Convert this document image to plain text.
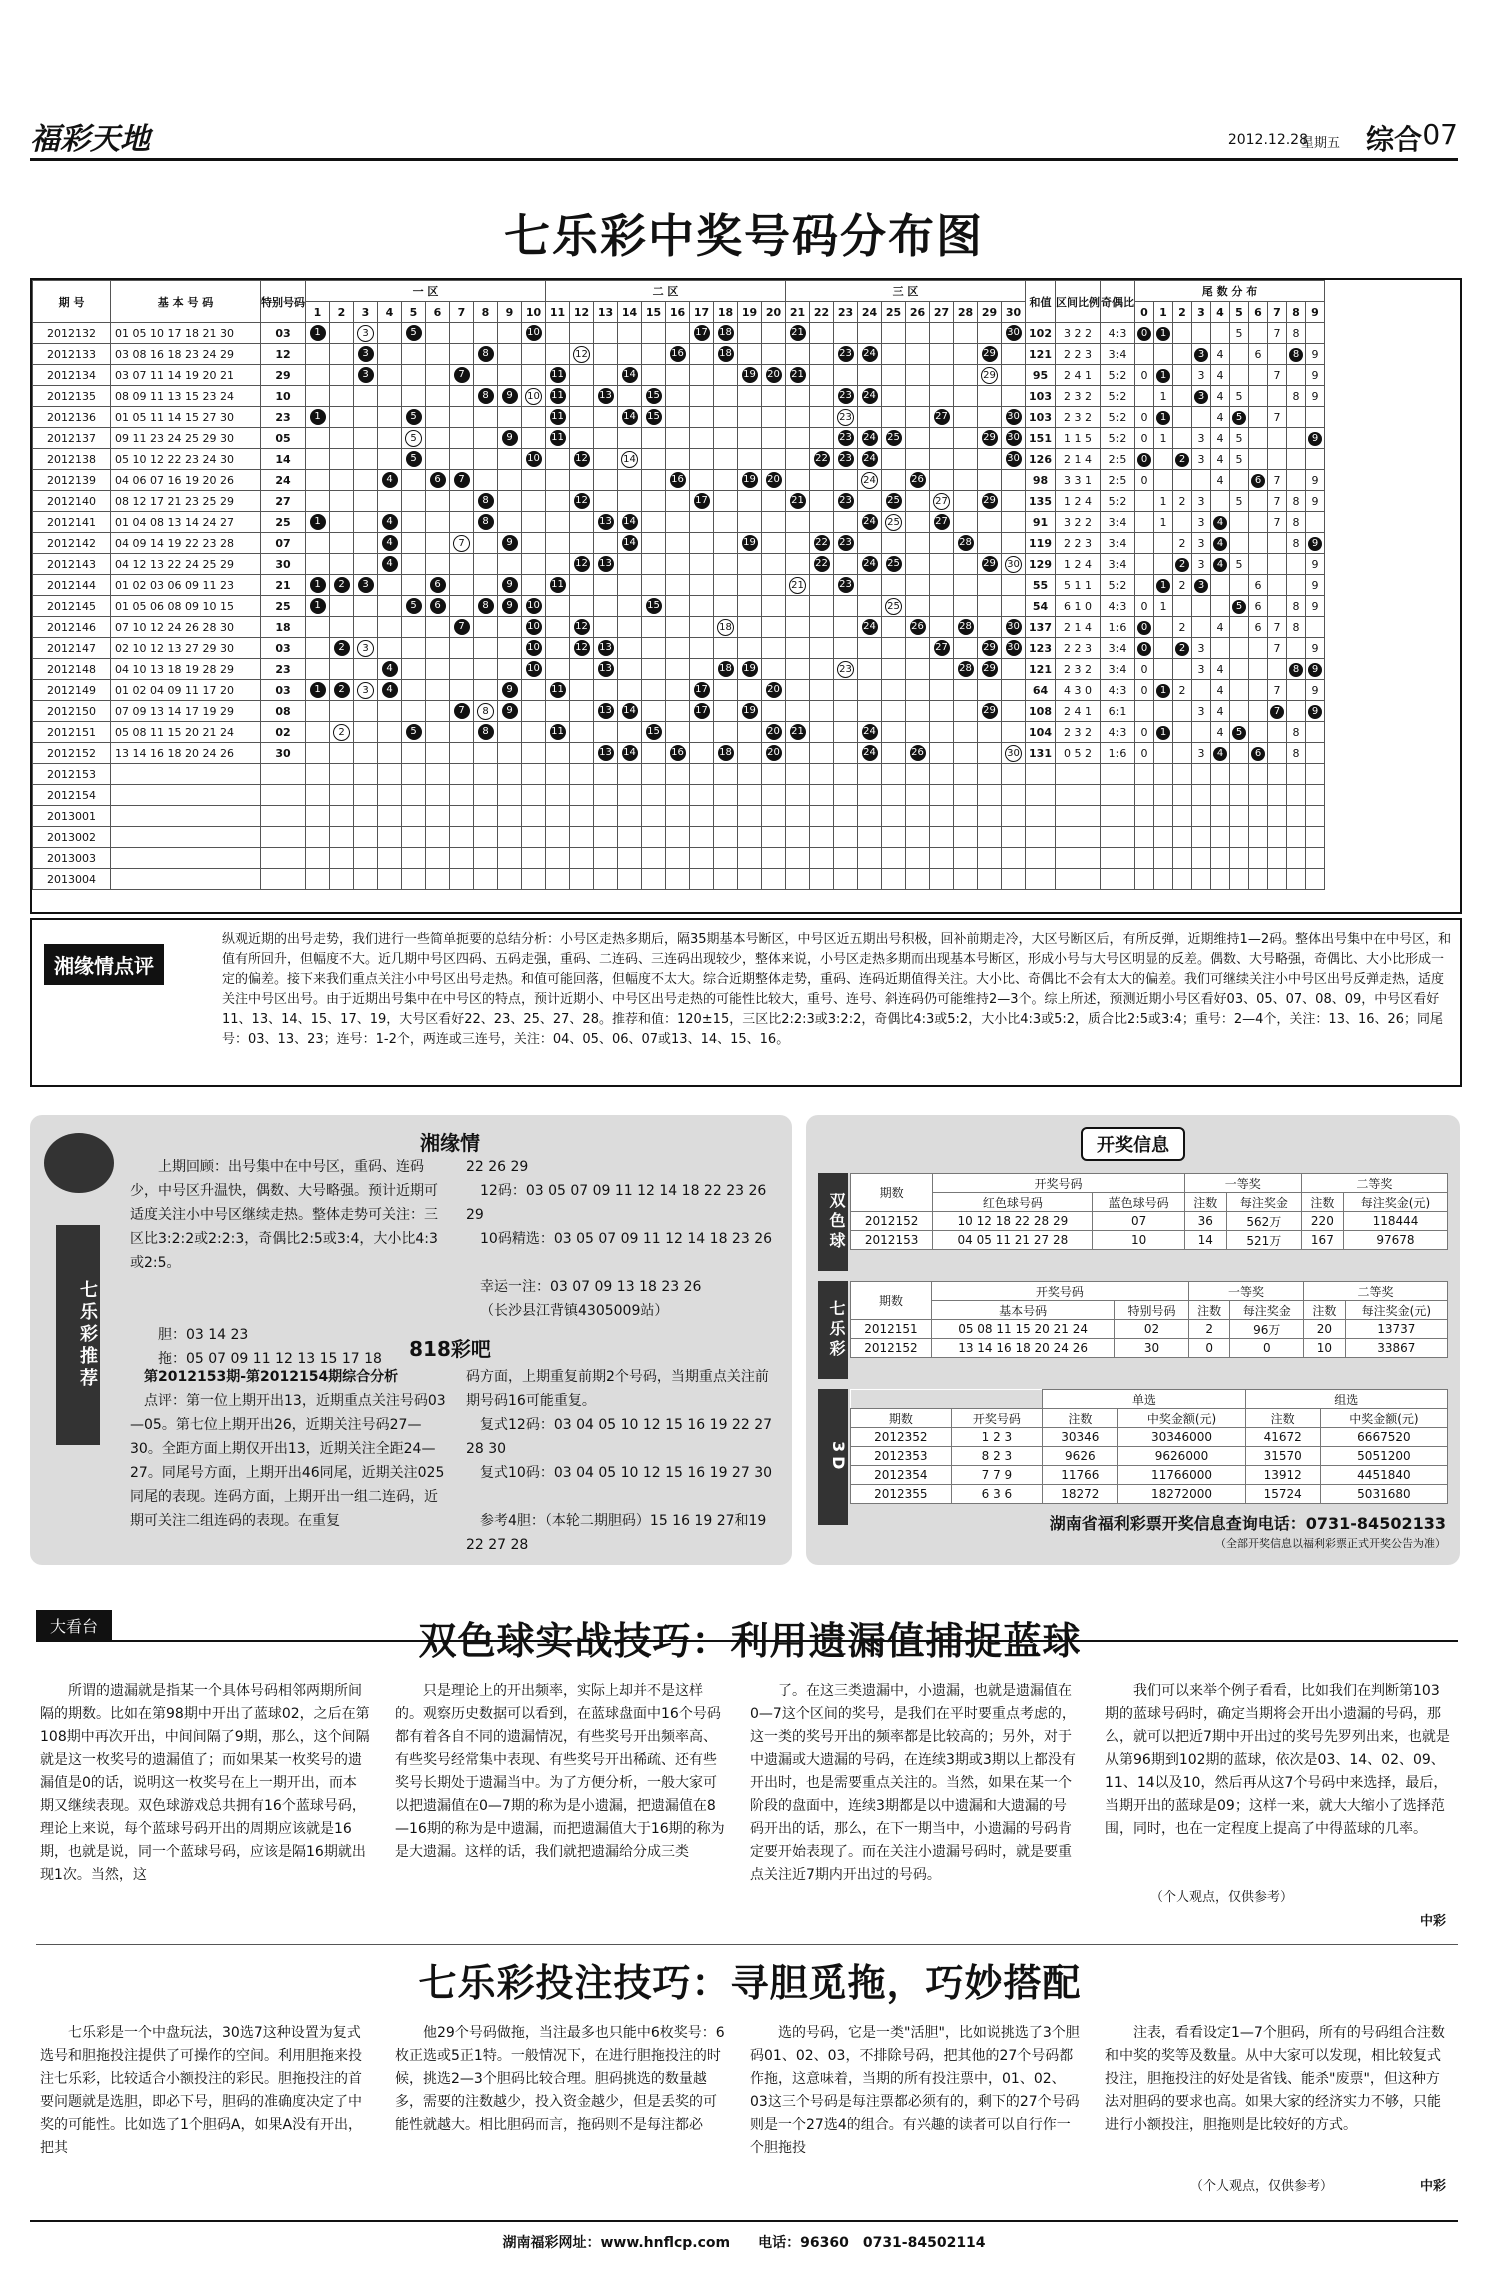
福彩天地	2012.12.28
星期五 综合 07
七乐彩中奖号码分布图
期 号	基 本 号 码	特别号码	一 区										二 区										三 区										和值	区间比例	奇偶比	尾 数 分 布									
			1	2	3	4	5	6	7	8	9	10	11	12	13	14	15	16	17	18	19	20	21	22	23	24	25	26	27	28	29	30				0	1	2	3	4	5	6	7	8	9
2012132	01 05 10 17 18 21 30	03	1		3		5					10							17	18			21									30	102	3 2 2	4:3	0	1				5		7	8	
2012133	03 08 16 18 23 24 29	12			3					8				12				16		18					23	24					29		121	2 2 3	3:4				3	4		6		8	9
2012134	03 07 11 14 19 20 21	29			3				7				11			14					19	20	21								29		95	2 4 1	5:2	0	1		3	4			7		9
2012135	08 09 11 13 15 23 24	10								8	9	10	11		13		15								23	24							103	2 3 2	5:2		1		3	4	5			8	9
2012136	01 05 11 14 15 27 30	23	1				5						11			14	15								23				27			30	103	2 3 2	5:2	0	1			4	5		7		
2012137	09 11 23 24 25 29 30	05					5				9		11												23	24	25				29	30	151	1 1 5	5:2	0	1		3	4	5				9
2012138	05 10 12 22 23 24 30	14					5					10		12		14								22	23	24						30	126	2 1 4	2:5	0		2	3	4	5				
2012139	04 06 07 16 19 20 26	24				4		6	7									16			19	20				24		26					98	3 3 1	2:5	0				4		6	7		9
2012140	08 12 17 21 23 25 29	27								8				12					17				21		23		25		27		29		135	1 2 4	5:2		1	2	3		5		7	8	9
2012141	01 04 08 13 14 24 27	25	1			4				8					13	14										24	25		27				91	3 2 2	3:4		1		3	4			7	8	
2012142	04 09 14 19 22 23 28	07				4			7		9					14					19			22	23					28			119	2 2 3	3:4			2	3	4				8	9
2012143	04 12 13 22 24 25 29	30				4								12	13									22		24	25				29	30	129	1 2 4	3:4			2	3	4	5				9
2012144	01 02 03 06 09 11 23	21	1	2	3			6			9		11										21		23								55	5 1 1	5:2		1	2	3			6			9
2012145	01 05 06 08 09 10 15	25	1				5	6		8	9	10					15										25						54	6 1 0	4:3	0	1				5	6		8	9
2012146	07 10 12 24 26 28 30	18							7			10		12						18						24		26		28		30	137	2 1 4	1:6	0		2		4		6	7	8	
2012147	02 10 12 13 27 29 30	03		2	3							10		12	13														27		29	30	123	2 2 3	3:4	0		2	3				7		9
2012148	04 10 13 18 19 28 29	23				4						10			13					18	19				23					28	29		121	2 3 2	3:4	0			3	4				8	9
2012149	01 02 04 09 11 17 20	03	1	2	3	4					9		11						17			20											64	4 3 0	4:3	0	1	2		4			7		9
2012150	07 09 13 14 17 19 29	08							7	8	9				13	14			17		19										29		108	2 4 1	6:1				3	4			7		9
2012151	05 08 11 15 20 21 24	02		2			5			8			11				15					20	21			24							104	2 3 2	4:3	0	1			4	5			8	
2012152	13 14 16 18 20 24 26	30													13	14		16		18		20				24		26				30	131	0 5 2	1:6	0			3	4		6		8	
2012153																																													
2012154																																													
2013001																																													
2013002																																													
2013003																																													
2013004																																													
湘缘情点评
纵观近期的出号走势，我们进行一些简单扼要的总结分析：小号区走热多期后，隔35期基本号断区，中号区近五期出号积极，回补前期走冷，大区号断区后，有所反弹，近期维持1—2码。整体出号集中在中号区，和值有所回升，但幅度不大。近几期中号区四码、五码走强，重码、二连码、三连码出现较少，整体来说，小号区走热多期而出现基本号断区，形成小号与大号区明显的反差。偶数、大号略强，奇偶比、大小比形成一定的偏差。接下来我们重点关注小中号区出号走热。和值可能回落，但幅度不太大。综合近期整体走势，重码、连码近期值得关注。大小比、奇偶比不会有太大的偏差。我们可继续关注小中号区出号反弹走热，适度关注中号区出号。由于近期出号集中在中号区的特点，预计近期小、中号区出号走热的可能性比较大，重号、连号、斜连码仍可能维持2—3个。综上所述，预测近期小号区看好03、05、07、08、09，中号区看好11、13、14、15、17、19，大号区看好22、23、25、27、28。推荐和值：120±15，三区比2:2:3或3:2:2，奇偶比4:3或5:2，大小比4:3或5:2，质合比2:5或3:4；重号：2—4个，关注：13、16、26；同尾号：03、13、23；连号：1-2个，两连或三连号，关注：04、05、06、07或13、14、15、16。
七乐彩推荐
湘缘情
上期回顾：出号集中在中号区，重码、连码少，中号区升温快，偶数、大号略强。预计近期可适度关注小中号区继续走热。整体走势可关注：三区比3:2:2或2:2:3，奇偶比2:5或3:4，大小比4:3或2:5。
胆：03 14 23
拖：05 07 09 11 12 13 15 17 18
22 26 29
12码：03 05 07 09 11 12 14 18 22 23 26 29
10码精选：03 05 07 09 11 12 14 18 23 26
幸运一注：03 07 09 13 18 23 26
（长沙县江背镇4305009站）
818彩吧
第2012153期-第2012154期综合分析
点评：第一位上期开出13，近期重点关注号码03—05。第七位上期开出26，近期关注号码27—30。全距方面上期仅开出13，近期关注全距24—27。同尾号方面，上期开出46同尾，近期关注025同尾的表现。连码方面，上期开出一组二连码，近期可关注二组连码的表现。在重复
码方面，上期重复前期2个号码，当期重点关注前期号码16可能重复。
复式12码：03 04 05 10 12 15 16 19 22 27 28 30
复式10码：03 04 05 10 12 15 16 19 27 30
参考4胆：（本轮二期胆码）15 16 19 27和19 22 27 28
开奖信息
双色球	期数	开奖号码		一等奖		二等奖	
	红色球号码	蓝色球号码	注数	每注奖金	注数	每注奖金(元)
2012152	10 12 18 22 28 29	07	36	562万	220	118444
2012153	04 05 11 21 27 28	10	14	521万	167	97678
七乐彩	期数	开奖号码		一等奖		二等奖	
	基本号码	特别号码	注数	每注奖金	注数	每注奖金(元)
2012151	05 08 11 15 20 21 24	02	2	96万	20	13737
2012152	13 14 16 18 20 24 26	30	0	0	10	33867
3D
		单选		组选	
期数	开奖号码	注数	中奖金额(元)	注数	中奖金额(元)
2012352	1 2 3	30346	30346000	41672	6667520
2012353	8 2 3	9626	9626000	31570	5051200
2012354	7 7 9	11766	11766000	13912	4451840
2012355	6 3 6	18272	18272000	15724	5031680
湖南省福利彩票开奖信息查询电话：0731-84502133
（全部开奖信息以福利彩票正式开奖公告为准）
大看台	双色球实战技巧：利用遗漏值捕捉蓝球
所谓的遗漏就是指某一个具体号码相邻两期所间隔的期数。比如在第98期中开出了蓝球02，之后在第108期中再次开出，中间间隔了9期，那么，这个间隔就是这一枚奖号的遗漏值了；而如果某一枚奖号的遗漏值是0的话，说明这一枚奖号在上一期开出，而本期又继续表现。双色球游戏总共拥有16个蓝球号码，理论上来说，每个蓝球号码开出的周期应该就是16期，也就是说，同一个蓝球号码，应该是隔16期就出现1次。当然，这
只是理论上的开出频率，实际上却并不是这样的。观察历史数据可以看到，在蓝球盘面中16个号码都有着各自不同的遗漏情况，有些奖号开出频率高、有些奖号经常集中表现、有些奖号开出稀疏、还有些奖号长期处于遗漏当中。为了方便分析，一般大家可以把遗漏值在0—7期的称为是小遗漏，把遗漏值在8—16期的称为是中遗漏，而把遗漏值大于16期的称为是大遗漏。这样的话，我们就把遗漏给分成三类
了。在这三类遗漏中，小遗漏，也就是遗漏值在0—7这个区间的奖号，是我们在平时要重点考虑的，这一类的奖号开出的频率都是比较高的；另外，对于中遗漏或大遗漏的号码，在连续3期或3期以上都没有开出时，也是需要重点关注的。当然，如果在某一个阶段的盘面中，连续3期都是以中遗漏和大遗漏的号码开出的话，那么，在下一期当中，小遗漏的号码肯定要开始表现了。而在关注小遗漏号码时，就是要重点关注近7期内开出过的号码。
我们可以来举个例子看看，比如我们在判断第103期的蓝球号码时，确定当期将会开出小遗漏的号码，那么，就可以把近7期中开出过的奖号先罗列出来，也就是从第96期到102期的蓝球，依次是03、14、02、09、11、14以及10，然后再从这7个号码中来选择，最后，当期开出的蓝球是09；这样一来，就大大缩小了选择范围，同时，也在一定程度上提高了中得蓝球的几率。
（个人观点，仅供参考）
中彩
七乐彩投注技巧：寻胆觅拖，巧妙搭配
七乐彩是一个中盘玩法，30选7这种设置为复式选号和胆拖投注提供了可操作的空间。利用胆拖来投注七乐彩，比较适合小额投注的彩民。胆拖投注的首要问题就是选胆，即必下号，胆码的准确度决定了中奖的可能性。比如选了1个胆码A，如果A没有开出，把其
他29个号码做拖，当注最多也只能中6枚奖号：6枚正选或5正1特。一般情况下，在进行胆拖投注的时候，挑选2—3个胆码比较合理。胆码挑选的数量越多，需要的注数越少，投入资金越少，但是丢奖的可能性就越大。相比胆码而言，拖码则不是每注都必
选的号码，它是一类"活胆"，比如说挑选了3个胆码01、02、03，不排除号码，把其他的27个号码都作拖，这意味着，当期的所有投注票中，01、02、03这三个号码是每注票都必须有的，剩下的27个号码则是一个27选4的组合。有兴趣的读者可以自行作一个胆拖投
注表，看看设定1—7个胆码，所有的号码组合注数和中奖的奖等及数量。从中大家可以发现，相比较复式投注，胆拖投注的好处是省钱、能杀"废票"，但这种方法对胆码的要求也高。如果大家的经济实力不够，只能进行小额投注，胆拖则是比较好的方式。
（个人观点，仅供参考）	中彩
湖南福彩网址：www.hnflcp.com　　电话：96360　0731-84502114
